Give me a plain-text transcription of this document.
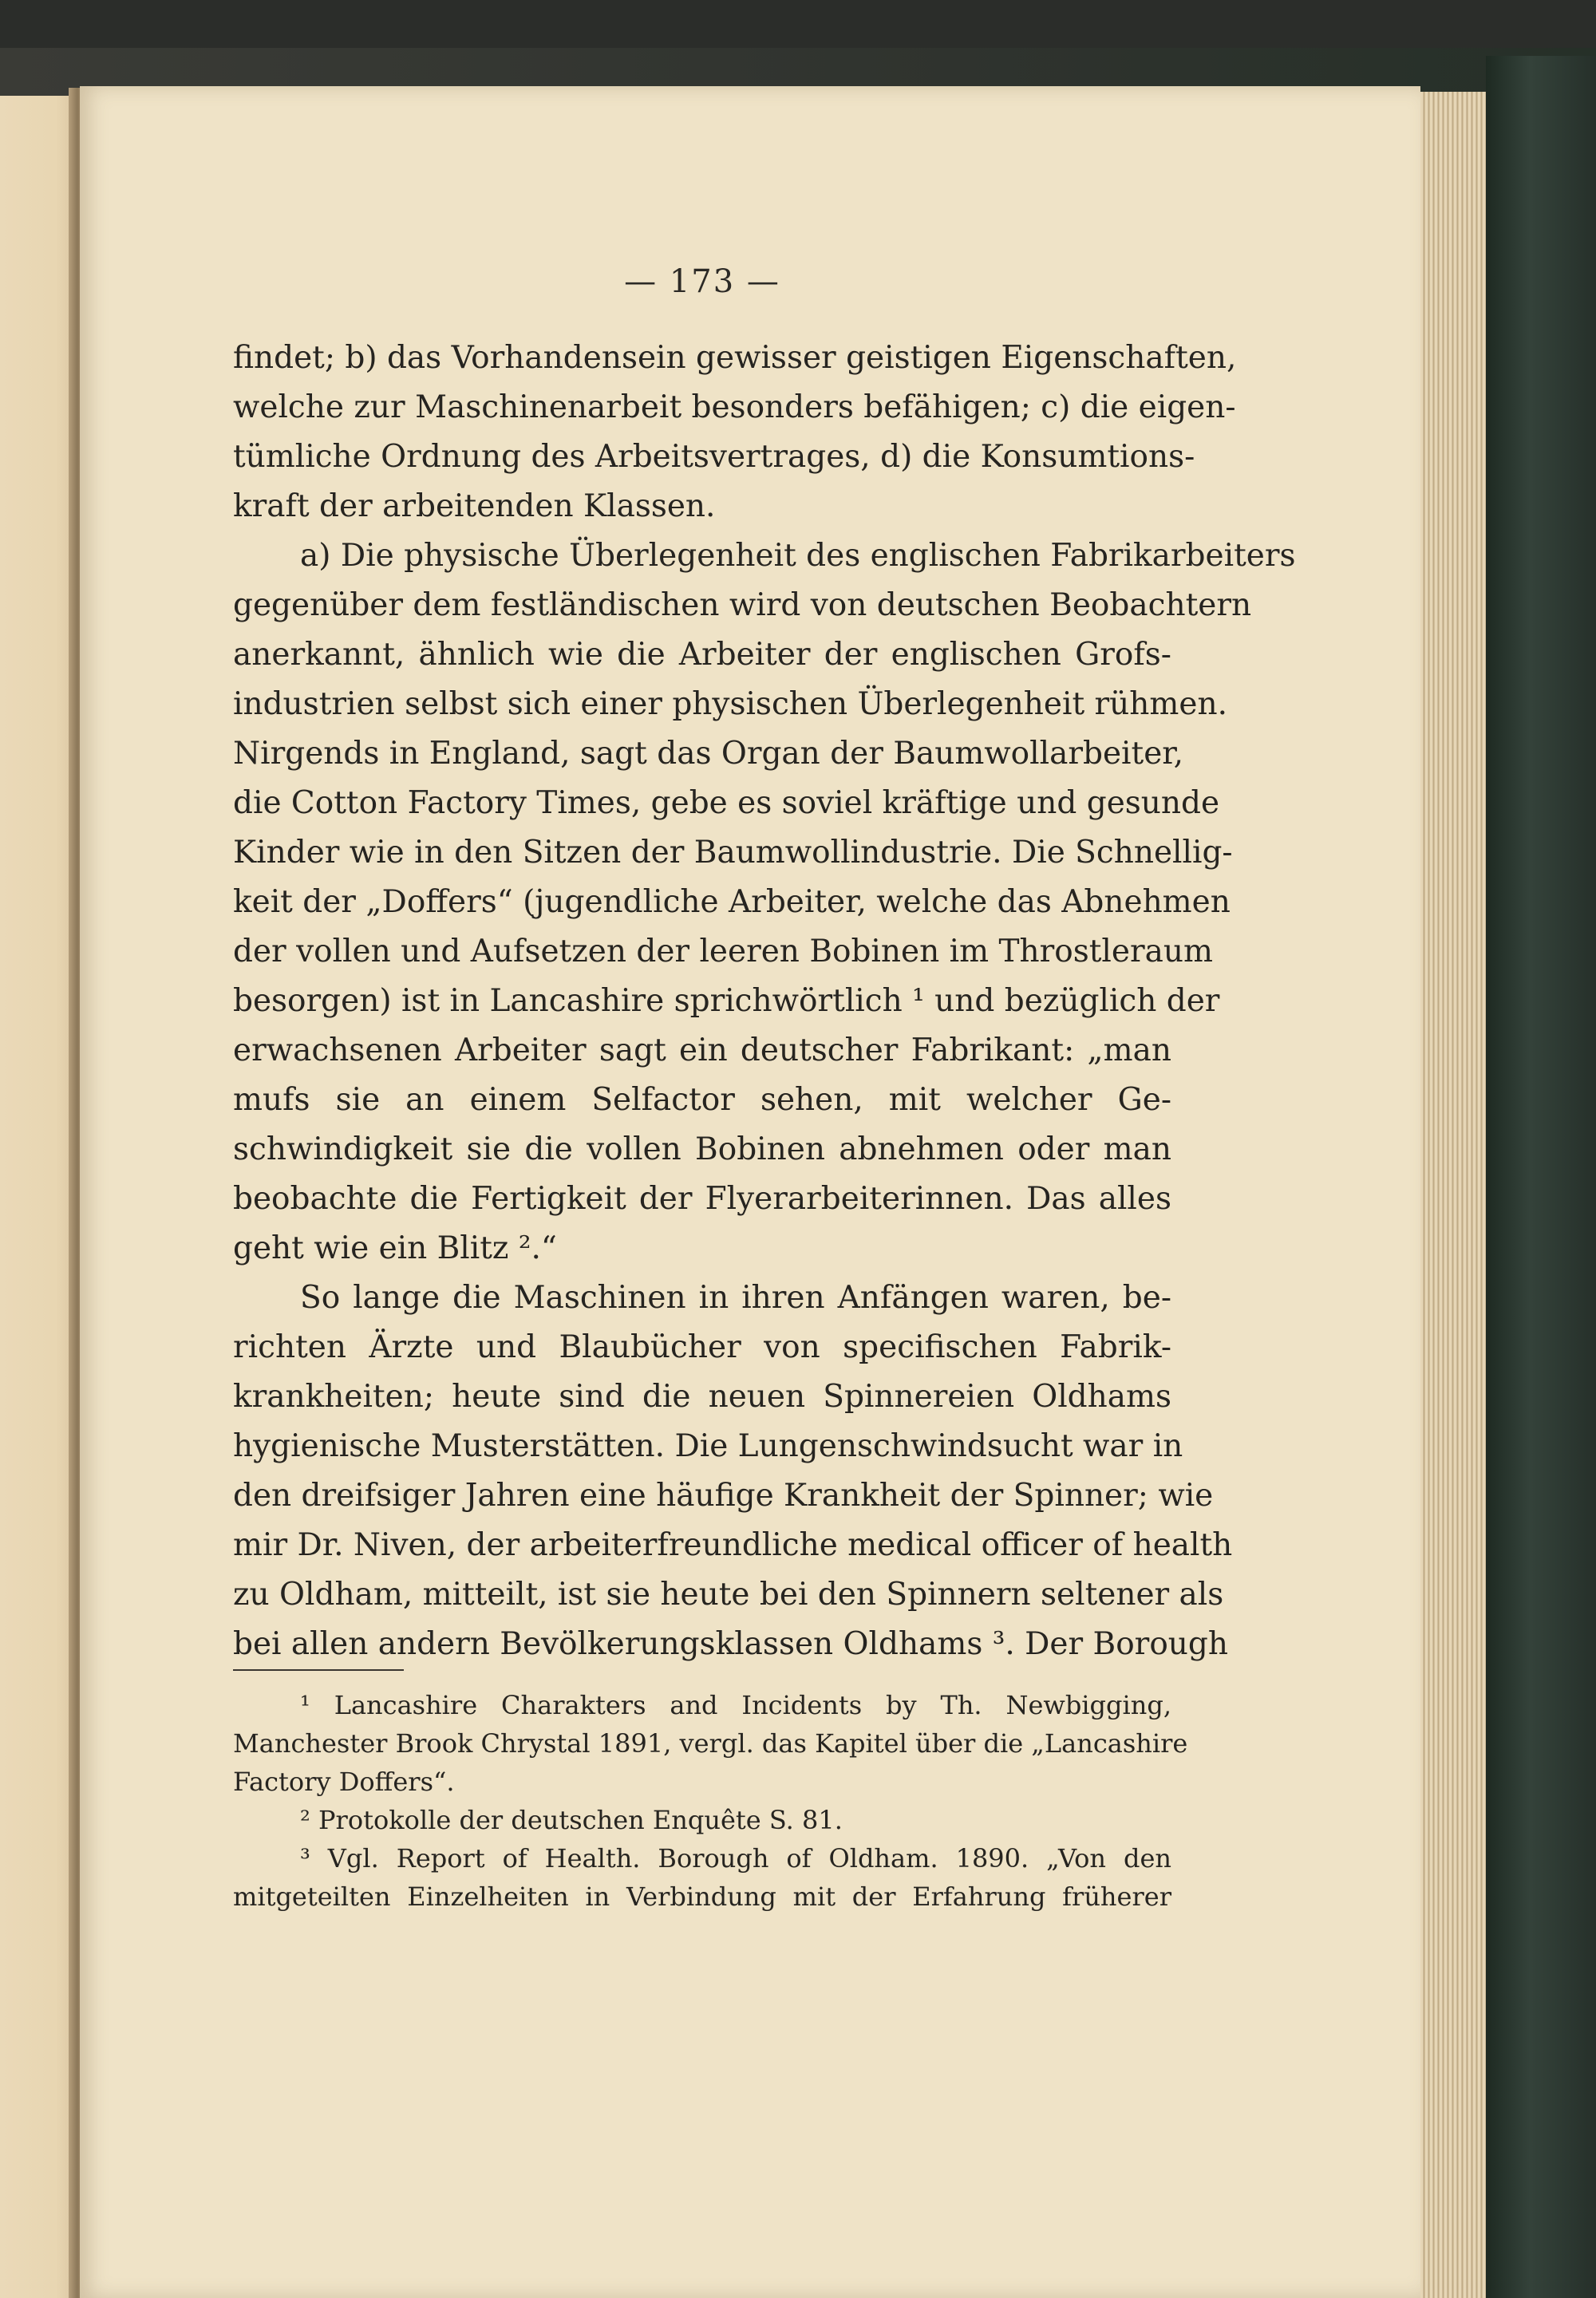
— 173 —
findet; b) das Vorhandensein gewisser geistigen Eigenschaften,
welche zur Maschinenarbeit besonders befähigen; c) die eigen-
tümliche Ordnung des Arbeitsvertrages, d) die Konsumtions-
kraft der arbeitenden Klassen.
a) Die physische Überlegenheit des englischen Fabrikarbeiters
gegenüber dem festländischen wird von deutschen Beobachtern
anerkannt, ähnlich wie die Arbeiter der englischen Grofs-
industrien selbst sich einer physischen Überlegenheit rühmen.
Nirgends in England, sagt das Organ der Baumwollarbeiter,
die Cotton Factory Times, gebe es soviel kräftige und gesunde
Kinder wie in den Sitzen der Baumwollindustrie. Die Schnellig-
keit der „Doffers“ (jugendliche Arbeiter, welche das Abnehmen
der vollen und Aufsetzen der leeren Bobinen im Throstleraum
besorgen) ist in Lancashire sprichwörtlich ¹ und bezüglich der
erwachsenen Arbeiter sagt ein deutscher Fabrikant: „man
mufs sie an einem Selfactor sehen, mit welcher Ge-
schwindigkeit sie die vollen Bobinen abnehmen oder man
beobachte die Fertigkeit der Flyerarbeiterinnen. Das alles
geht wie ein Blitz ².“
So lange die Maschinen in ihren Anfängen waren, be-
richten Ärzte und Blaubücher von specifischen Fabrik-
krankheiten; heute sind die neuen Spinnereien Oldhams
hygienische Musterstätten. Die Lungenschwindsucht war in
den dreifsiger Jahren eine häufige Krankheit der Spinner; wie
mir Dr. Niven, der arbeiterfreundliche medical officer of health
zu Oldham, mitteilt, ist sie heute bei den Spinnern seltener als
bei allen andern Bevölkerungsklassen Oldhams ³. Der Borough
¹ Lancashire Charakters and Incidents by Th. Newbigging,
Manchester Brook Chrystal 1891, vergl. das Kapitel über die „Lancashire
Factory Doffers“.
² Protokolle der deutschen Enquête S. 81.
³ Vgl. Report of Health. Borough of Oldham. 1890. „Von den
mitgeteilten Einzelheiten in Verbindung mit der Erfahrung früherer
